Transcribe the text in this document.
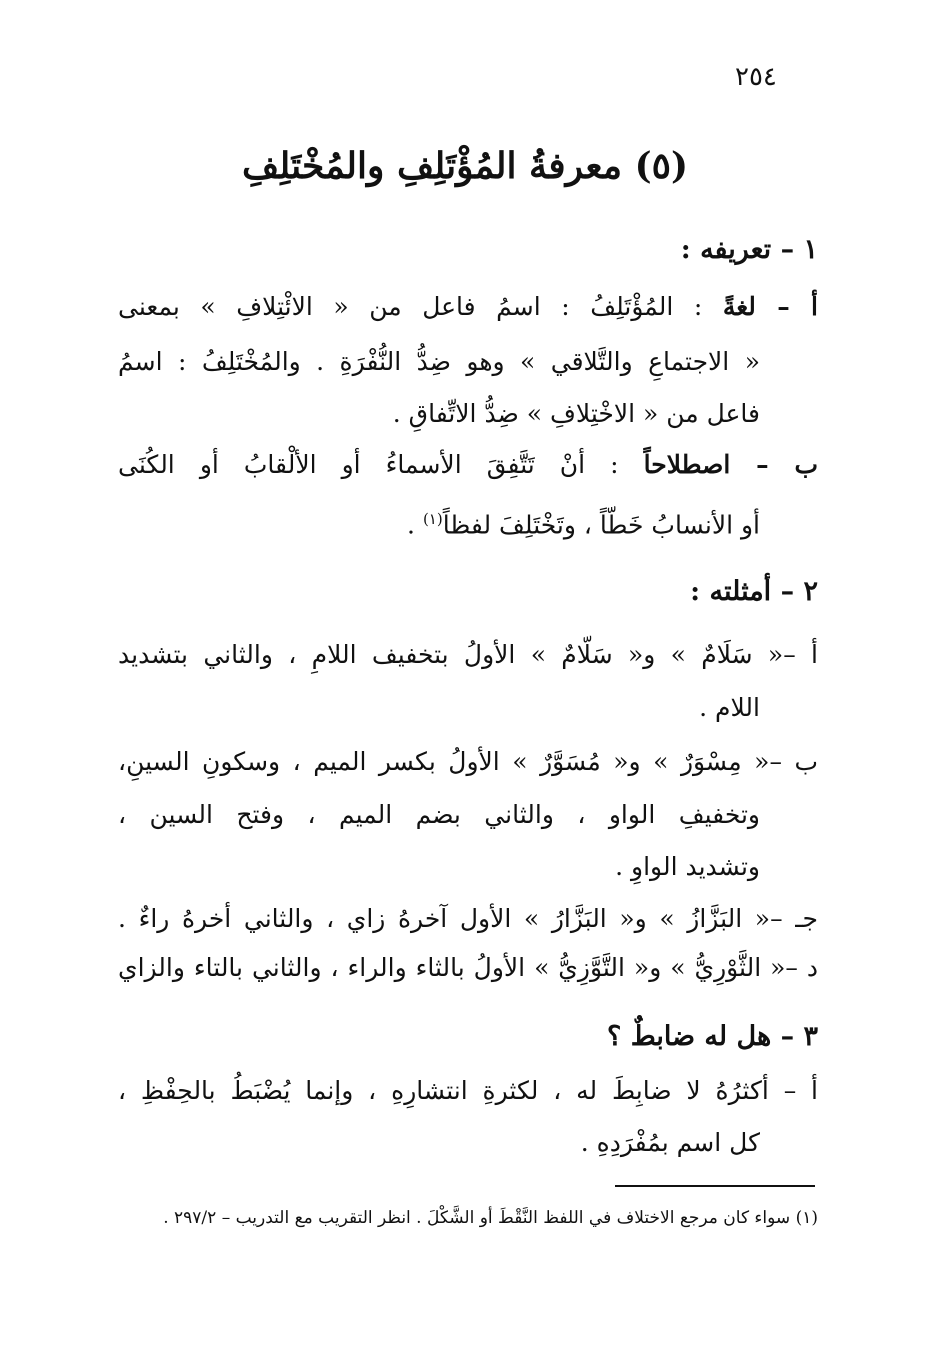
٢٥٤
(٥) معرفةُ المُؤْتَلِفِ والمُخْتَلِفِ
١ – تعريفه :
أ – لغةً : المُؤْتَلِفُ : اسمُ فاعل من « الائْتِلافِ » بمعنى
« الاجتماعِ والتَّلاقي » وهو ضِدُّ النُّفْرَةِ . والمُخْتَلِفُ : اسمُ
فاعل من « الاخْتِلافِ » ضِدُّ الاتِّفاقِ .
ب – اصطلاحاً : أنْ تَتَّفِقَ الأسماءُ أو الألْقابُ أو الكُنَى
أو الأنسابُ خَطّاً ، وتَخْتَلِفَ لفظاً$^{(١)}$ .
٢ – أمثلته :
أ –« سَلَامٌ » و« سَلّامٌ » الأولُ بتخفيف اللامِ ، والثاني بتشديد
اللام .
ب –« مِسْوَرٌ » و« مُسَوَّرٌ » الأولُ بكسر الميم ، وسكونِ السينِ،
وتخفيفِ الواو ، والثاني بضم الميم ، وفتح السين ،
وتشديد الواوِ .
جـ –« البَزَّازُ » و« البَزَّارُ » الأول آخرهُ زاي ، والثاني أخرهُ راءٌ .
د –« الثَّوْرِيُّ » و« التَّوَّزِيُّ » الأولُ بالثاء والراء ، والثاني بالتاء والزاي
٣ – هل له ضابطٌ ؟
أ – أكثرُهُ لا ضابِطَ له ، لكثرةِ انتشارِهِ ، وإنما يُضْبَطُ بالحِفْظِ ،
كل اسم بمُفْرَدِهِ .
(١) سواء كان مرجع الاختلاف في اللفظ النَّقْطَ أو الشَّكْلَ . انظر التقريب مع التدريب – ٢٩٧/٢ .
